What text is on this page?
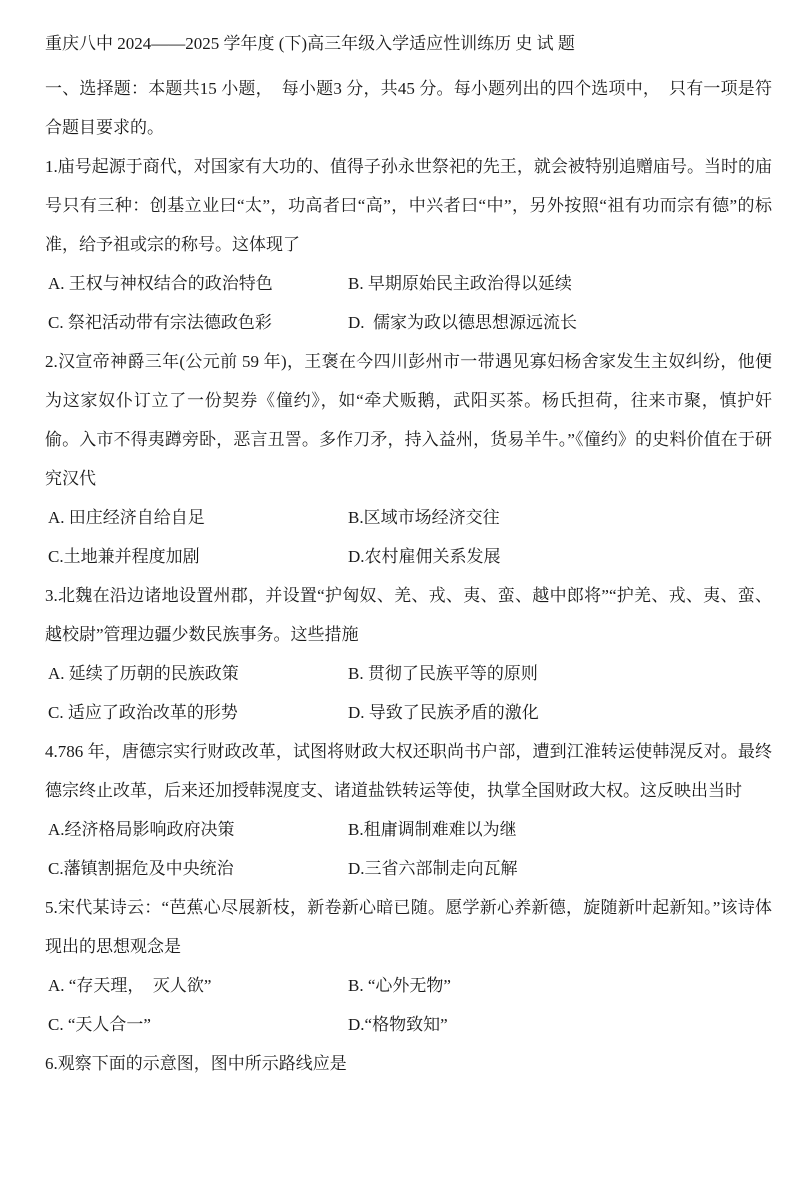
重庆八中 2024——2025 学年度 (下)高三年级入学适应性训练历 史 试 题

一、选择题：本题共15 小题，  每小题3 分，共45 分。每小题列出的四个选项中，  只有一项是符合题目要求的。

1.庙号起源于商代，对国家有大功的、值得子孙永世祭祀的先王，就会被特别追赠庙号。当时的庙号只有三种：创基立业曰“太”，功高者曰“高”，中兴者曰“中”，另外按照“祖有功而宗有德”的标准，给予祖或宗的称号。这体现了

A. 王权与神权结合的政治特色	B. 早期原始民主政治得以延续
C. 祭祀活动带有宗法德政色彩	D.  儒家为政以德思想源远流长

2.汉宣帝神爵三年(公元前 59 年)，王褒在今四川彭州市一带遇见寡妇杨舍家发生主奴纠纷，他便为这家奴仆订立了一份契券《僮约》，如“牵犬贩鹅，武阳买茶。杨氏担荷，往来市聚，慎护奸偷。入市不得夷蹲旁卧，恶言丑詈。多作刀矛，持入益州，货易羊牛。”《僮约》的史料价值在于研究汉代

A. 田庄经济自给自足	B.区域市场经济交往
C.土地兼并程度加剧	D.农村雇佣关系发展

3.北魏在沿边诸地设置州郡，并设置“护匈奴、羌、戎、夷、蛮、越中郎将”“护羌、戎、夷、蛮、越校尉”管理边疆少数民族事务。这些措施

A. 延续了历朝的民族政策	B. 贯彻了民族平等的原则
C. 适应了政治改革的形势	D. 导致了民族矛盾的激化

4.786 年，唐德宗实行财政改革，试图将财政大权还职尚书户部，遭到江淮转运使韩滉反对。最终德宗终止改革，后来还加授韩滉度支、诸道盐铁转运等使，执掌全国财政大权。这反映出当时

A.经济格局影响政府决策	B.租庸调制难难以为继
C.藩镇割据危及中央统治	D.三省六部制走向瓦解

5.宋代某诗云：“芭蕉心尽展新枝，新卷新心暗已随。愿学新心养新德，旋随新叶起新知。”该诗体现出的思想观念是

A. “存天理，  灭人欲”	B. “心外无物”
C. “天人合一”	D.“格物致知”

6.观察下面的示意图，图中所示路线应是
